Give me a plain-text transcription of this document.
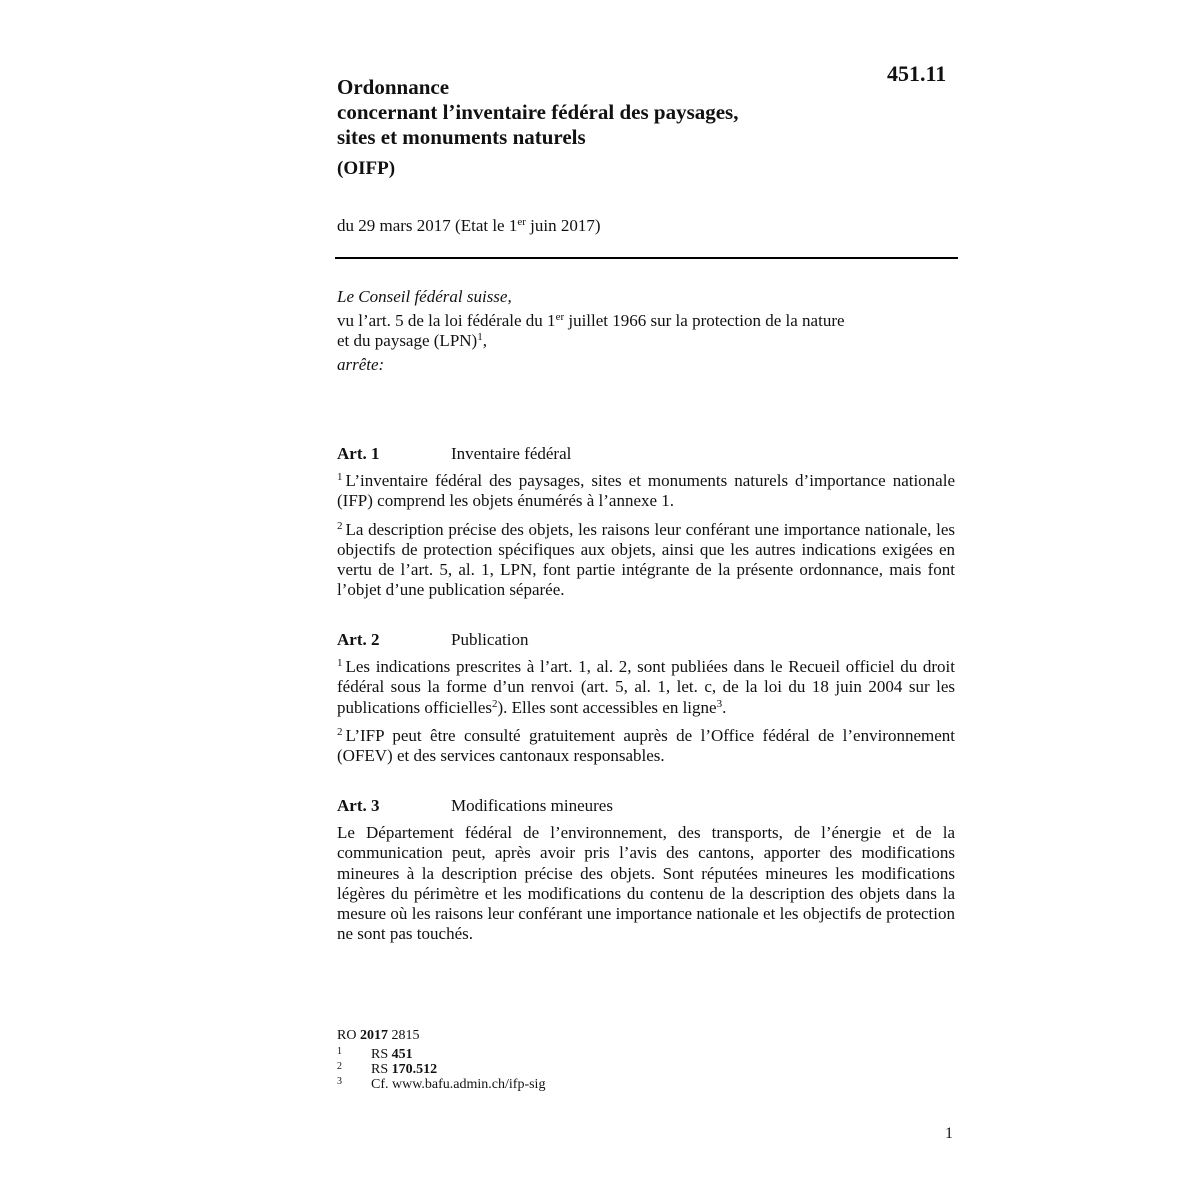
451.11
Ordonnance
concernant l’inventaire fédéral des paysages,
sites et monuments naturels
(OIFP)
du 29 mars 2017 (Etat le 1er juin 2017)
Le Conseil fédéral suisse,
vu l’art. 5 de la loi fédérale du 1er juillet 1966 sur la protection de la nature
et du paysage (LPN)$^1$,
arrête:
Art. 1	Inventaire fédéral

$^1$ L’inventaire fédéral des paysages, sites et monuments naturels d’importance nationale (IFP) comprend les objets énumérés à l’annexe 1.

$^2$ La description précise des objets, les raisons leur conférant une importance nationale, les objectifs de protection spécifiques aux objets, ainsi que les autres indications exigées en vertu de l’art. 5, al. 1, LPN, font partie intégrante de la présente ordonnance, mais font l’objet d’une publication séparée.

Art. 2	Publication

$^1$ Les indications prescrites à l’art. 1, al. 2, sont publiées dans le Recueil officiel du droit fédéral sous la forme d’un renvoi (art. 5, al. 1, let. c, de la loi du 18 juin 2004 sur les publications officielles$^2$). Elles sont accessibles en ligne$^3$.

$^2$ L’IFP peut être consulté gratuitement auprès de l’Office fédéral de l’environnement (OFEV) et des services cantonaux responsables.

Art. 3	Modifications mineures

Le Département fédéral de l’environnement, des transports, de l’énergie et de la communication peut, après avoir pris l’avis des cantons, apporter des modifications mineures à la description précise des objets. Sont réputées mineures les modifications légères du périmètre et les modifications du contenu de la description des objets dans la mesure où les raisons leur conférant une importance nationale et les objectifs de protection ne sont pas touchés.

RO 2017 2815
1 RS 451
2 RS 170.512
3 Cf. www.bafu.admin.ch/ifp-sig
1
